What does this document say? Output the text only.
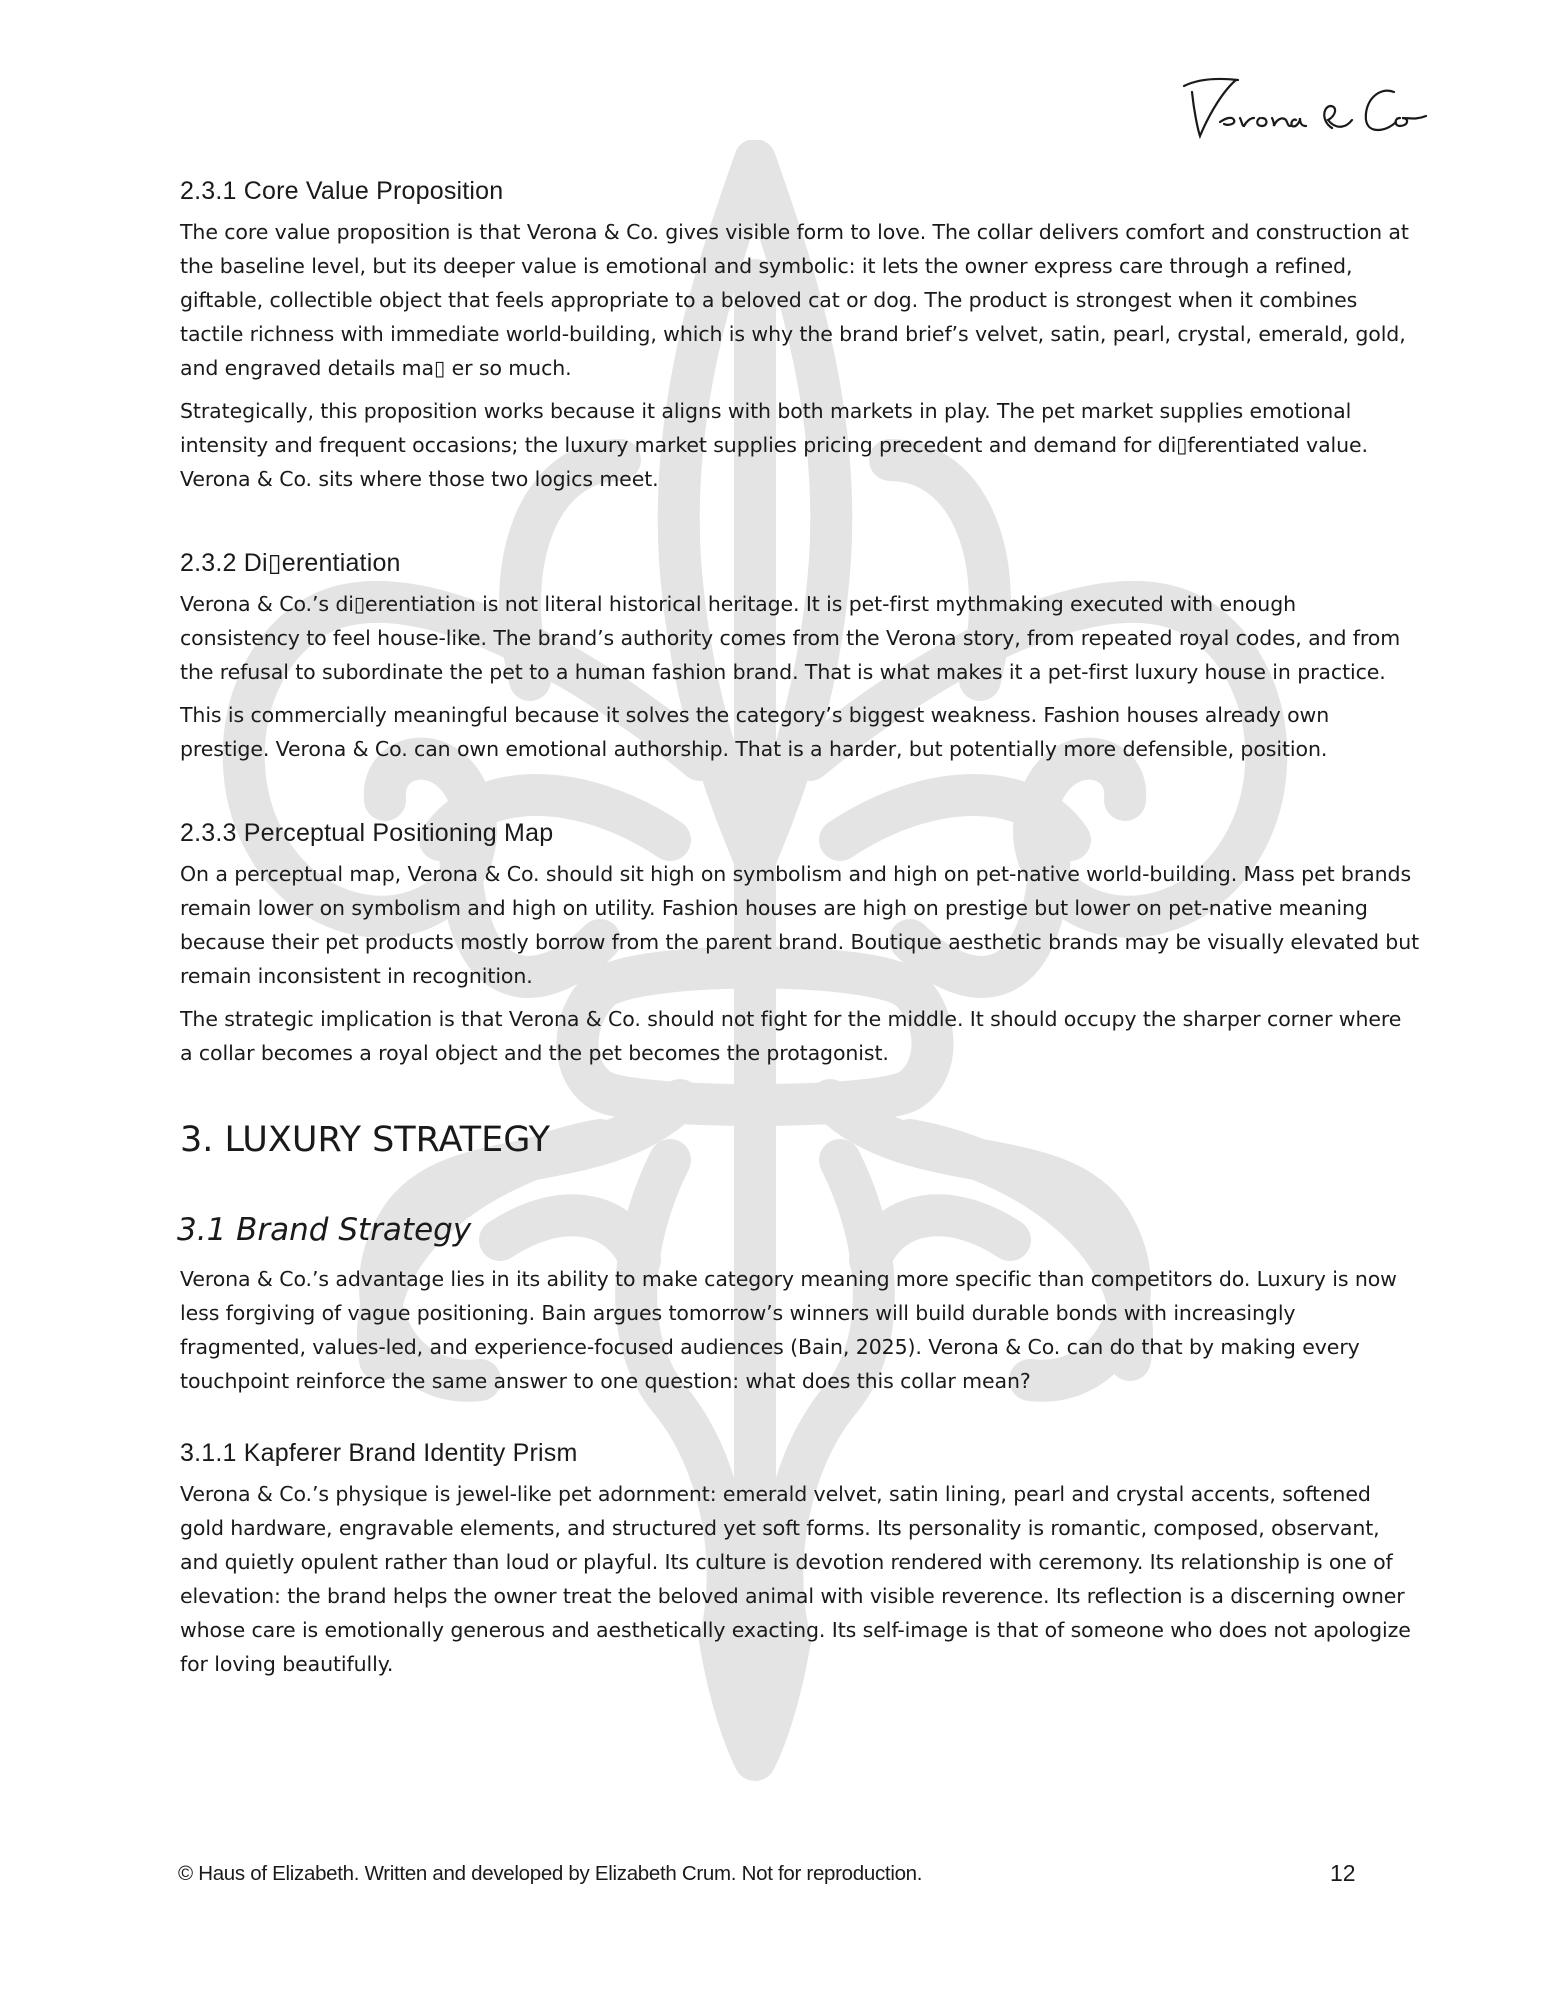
2.3.1 Core Value Proposition

The core value proposition is that Verona & Co. gives visible form to love. The collar delivers comfort and construction at the baseline level, but its deeper value is emotional and symbolic: it lets the owner express care through a refined, giftable, collectible object that feels appropriate to a beloved cat or dog. The product is strongest when it combines tactile richness with immediate world-building, which is why the brand brief’s velvet, satin, pearl, crystal, emerald, gold, and engraved details ma▯ er so much.

Strategically, this proposition works because it aligns with both markets in play. The pet market supplies emotional intensity and frequent occasions; the luxury market supplies pricing precedent and demand for di▯ferentiated value. Verona & Co. sits where those two logics meet.

2.3.2 Di▯erentiation

Verona & Co.’s di▯erentiation is not literal historical heritage. It is pet-first mythmaking executed with enough consistency to feel house-like. The brand’s authority comes from the Verona story, from repeated royal codes, and from the refusal to subordinate the pet to a human fashion brand. That is what makes it a pet-first luxury house in practice.

This is commercially meaningful because it solves the category’s biggest weakness. Fashion houses already own prestige. Verona & Co. can own emotional authorship. That is a harder, but potentially more defensible, position.

2.3.3 Perceptual Positioning Map

On a perceptual map, Verona & Co. should sit high on symbolism and high on pet-native world-building. Mass pet brands remain lower on symbolism and high on utility. Fashion houses are high on prestige but lower on pet-native meaning because their pet products mostly borrow from the parent brand. Boutique aesthetic brands may be visually elevated but remain inconsistent in recognition.

The strategic implication is that Verona & Co. should not fight for the middle. It should occupy the sharper corner where a collar becomes a royal object and the pet becomes the protagonist.

3. LUXURY STRATEGY
3.1 Brand Strategy

Verona & Co.’s advantage lies in its ability to make category meaning more specific than competitors do. Luxury is now less forgiving of vague positioning. Bain argues tomorrow’s winners will build durable bonds with increasingly fragmented, values-led, and experience-focused audiences (Bain, 2025). Verona & Co. can do that by making every touchpoint reinforce the same answer to one question: what does this collar mean?

3.1.1 Kapferer Brand Identity Prism

Verona & Co.’s physique is jewel-like pet adornment: emerald velvet, satin lining, pearl and crystal accents, softened gold hardware, engravable elements, and structured yet soft forms. Its personality is romantic, composed, observant, and quietly opulent rather than loud or playful. Its culture is devotion rendered with ceremony. Its relationship is one of elevation: the brand helps the owner treat the beloved animal with visible reverence. Its reflection is a discerning owner whose care is emotionally generous and aesthetically exacting. Its self-image is that of someone who does not apologize for loving beautifully.

© Haus of Elizabeth. Written and developed by Elizabeth Crum. Not for reproduction.	12
